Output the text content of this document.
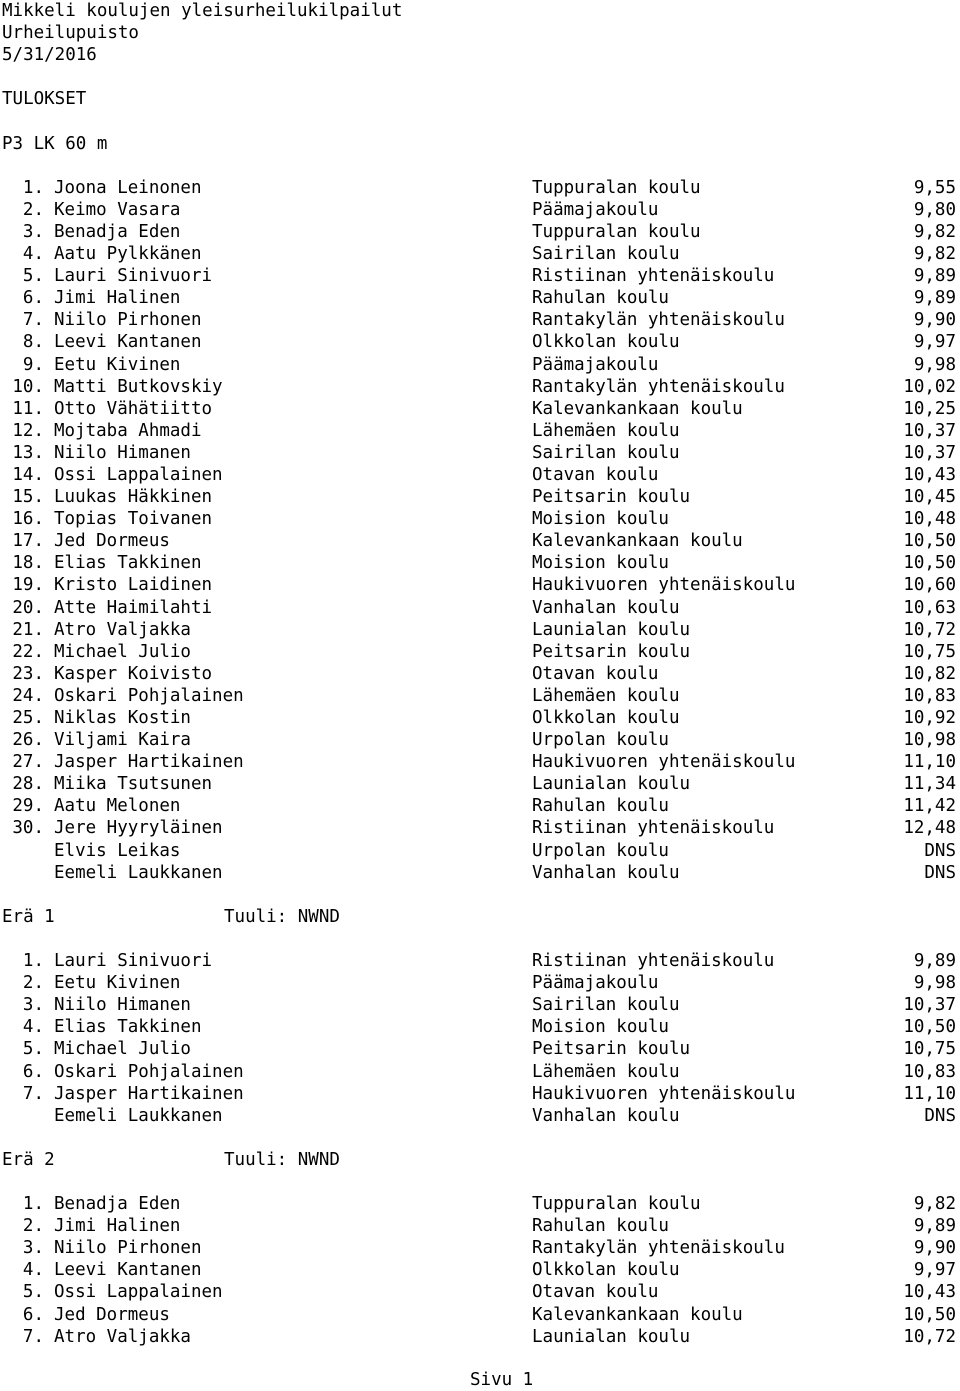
Mikkeli koulujen yleisurheilukilpailut
Urheilupuisto
5/31/2016
TULOKSET
P3 LK 60 m
1. Joona Leinonen	Tuppuralan koulu	9,55
2. Keimo Vasara	Päämajakoulu	9,80
3. Benadja Eden	Tuppuralan koulu	9,82
4. Aatu Pylkkänen	Sairilan koulu	9,82
5. Lauri Sinivuori	Ristiinan yhtenäiskoulu	9,89
6. Jimi Halinen	Rahulan koulu	9,89
7. Niilo Pirhonen	Rantakylän yhtenäiskoulu	9,90
8. Leevi Kantanen	Olkkolan koulu	9,97
9. Eetu Kivinen	Päämajakoulu	9,98
10. Matti Butkovskiy	Rantakylän yhtenäiskoulu	10,02
11. Otto Vähätiitto	Kalevankankaan koulu	10,25
12. Mojtaba Ahmadi	Lähemäen koulu	10,37
13. Niilo Himanen	Sairilan koulu	10,37
14. Ossi Lappalainen	Otavan koulu	10,43
15. Luukas Häkkinen	Peitsarin koulu	10,45
16. Topias Toivanen	Moision koulu	10,48
17. Jed Dormeus	Kalevankankaan koulu	10,50
18. Elias Takkinen	Moision koulu	10,50
19. Kristo Laidinen	Haukivuoren yhtenäiskoulu	10,60
20. Atte Haimilahti	Vanhalan koulu	10,63
21. Atro Valjakka	Launialan koulu	10,72
22. Michael Julio	Peitsarin koulu	10,75
23. Kasper Koivisto	Otavan koulu	10,82
24. Oskari Pohjalainen	Lähemäen koulu	10,83
25. Niklas Kostin	Olkkolan koulu	10,92
26. Viljami Kaira	Urpolan koulu	10,98
27. Jasper Hartikainen	Haukivuoren yhtenäiskoulu	11,10
28. Miika Tsutsunen	Launialan koulu	11,34
29. Aatu Melonen	Rahulan koulu	11,42
30. Jere Hyyryläinen	Ristiinan yhtenäiskoulu	12,48
Elvis Leikas	Urpolan koulu	DNS
Eemeli Laukkanen	Vanhalan koulu	DNS
Erä 1	Tuuli: NWND
1. Lauri Sinivuori	Ristiinan yhtenäiskoulu	9,89
2. Eetu Kivinen	Päämajakoulu	9,98
3. Niilo Himanen	Sairilan koulu	10,37
4. Elias Takkinen	Moision koulu	10,50
5. Michael Julio	Peitsarin koulu	10,75
6. Oskari Pohjalainen	Lähemäen koulu	10,83
7. Jasper Hartikainen	Haukivuoren yhtenäiskoulu	11,10
Eemeli Laukkanen	Vanhalan koulu	DNS
Erä 2	Tuuli: NWND
1. Benadja Eden	Tuppuralan koulu	9,82
2. Jimi Halinen	Rahulan koulu	9,89
3. Niilo Pirhonen	Rantakylän yhtenäiskoulu	9,90
4. Leevi Kantanen	Olkkolan koulu	9,97
5. Ossi Lappalainen	Otavan koulu	10,43
6. Jed Dormeus	Kalevankankaan koulu	10,50
7. Atro Valjakka	Launialan koulu	10,72
Sivu 1
